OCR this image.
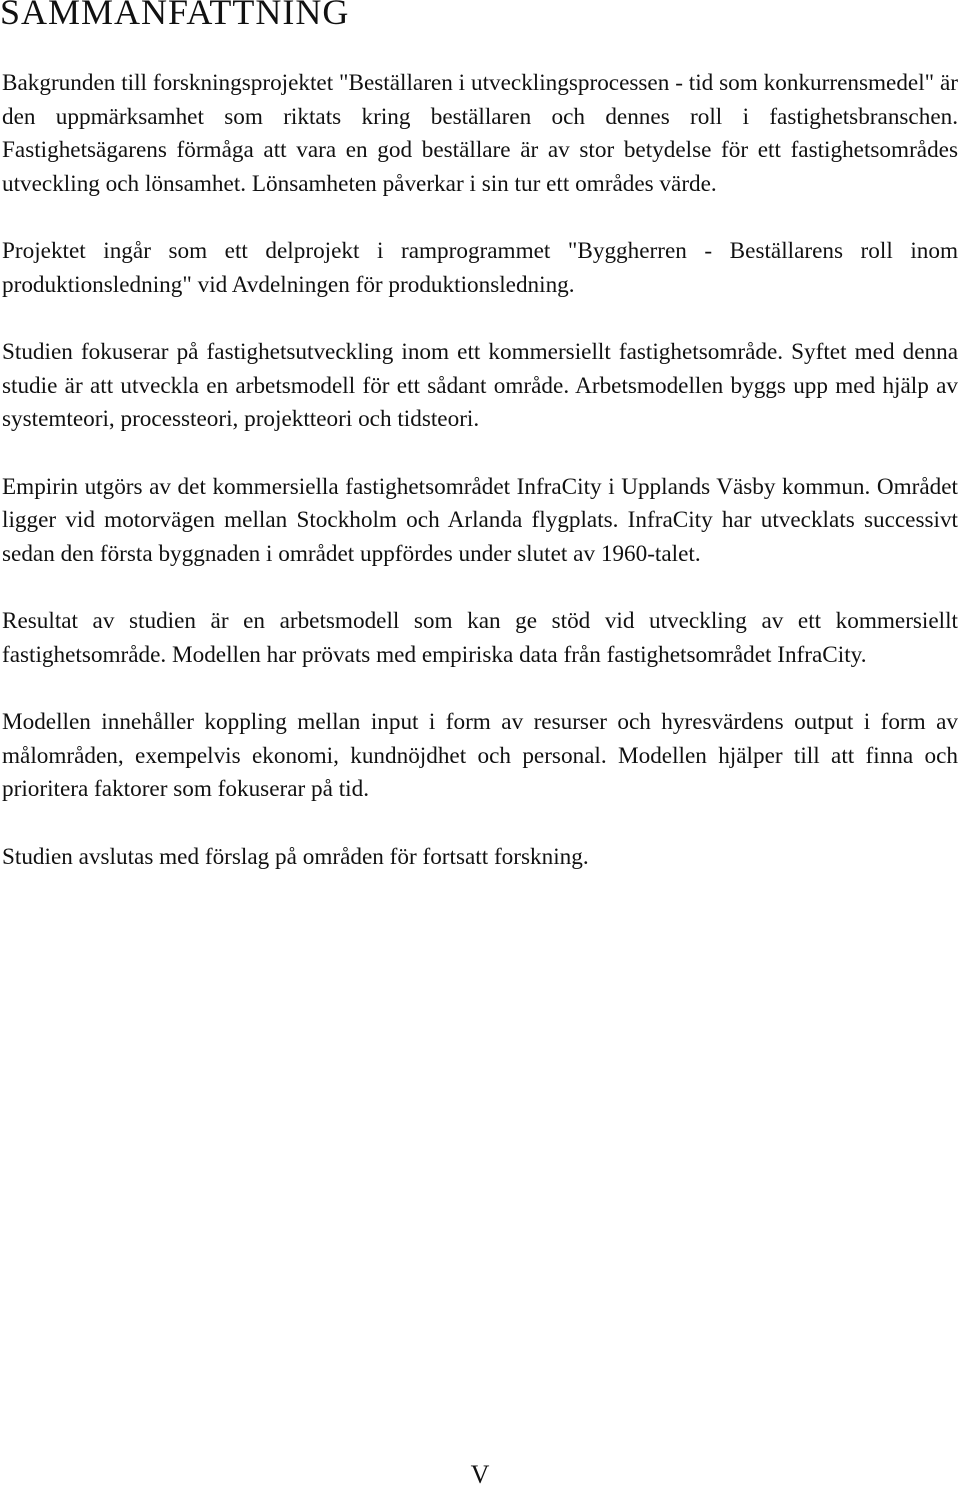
SAMMANFATTNING

Bakgrunden till forskningsprojektet "Beställaren i utvecklingsprocessen - tid som konkurrensmedel" är den uppmärksamhet som riktats kring beställaren och dennes roll i fastighetsbranschen. Fastighetsägarens förmåga att vara en god beställare är av stor betydelse för ett fastighetsområdes utveckling och lönsamhet. Lönsamheten påverkar i sin tur ett områdes värde.

Projektet ingår som ett delprojekt i ramprogrammet "Byggherren - Beställarens roll inom produktionsledning" vid Avdelningen för produktionsledning.

Studien fokuserar på fastighetsutveckling inom ett kommersiellt fastighetsområde. Syftet med denna studie är att utveckla en arbetsmodell för ett sådant område. Arbetsmodellen byggs upp med hjälp av systemteori, processteori, projektteori och tidsteori.

Empirin utgörs av det kommersiella fastighetsområdet InfraCity i Upplands Väsby kommun. Området ligger vid motorvägen mellan Stockholm och Arlanda flygplats. InfraCity har utvecklats successivt sedan den första byggnaden i området uppfördes under slutet av 1960-talet.

Resultat av studien är en arbetsmodell som kan ge stöd vid utveckling av ett kommersiellt fastighetsområde. Modellen har prövats med empiriska data från fastighetsområdet InfraCity.

Modellen innehåller koppling mellan input i form av resurser och hyresvärdens output i form av målområden, exempelvis ekonomi, kundnöjdhet och personal. Modellen hjälper till att finna och prioritera faktorer som fokuserar på tid.

Studien avslutas med förslag på områden för fortsatt forskning.

V
